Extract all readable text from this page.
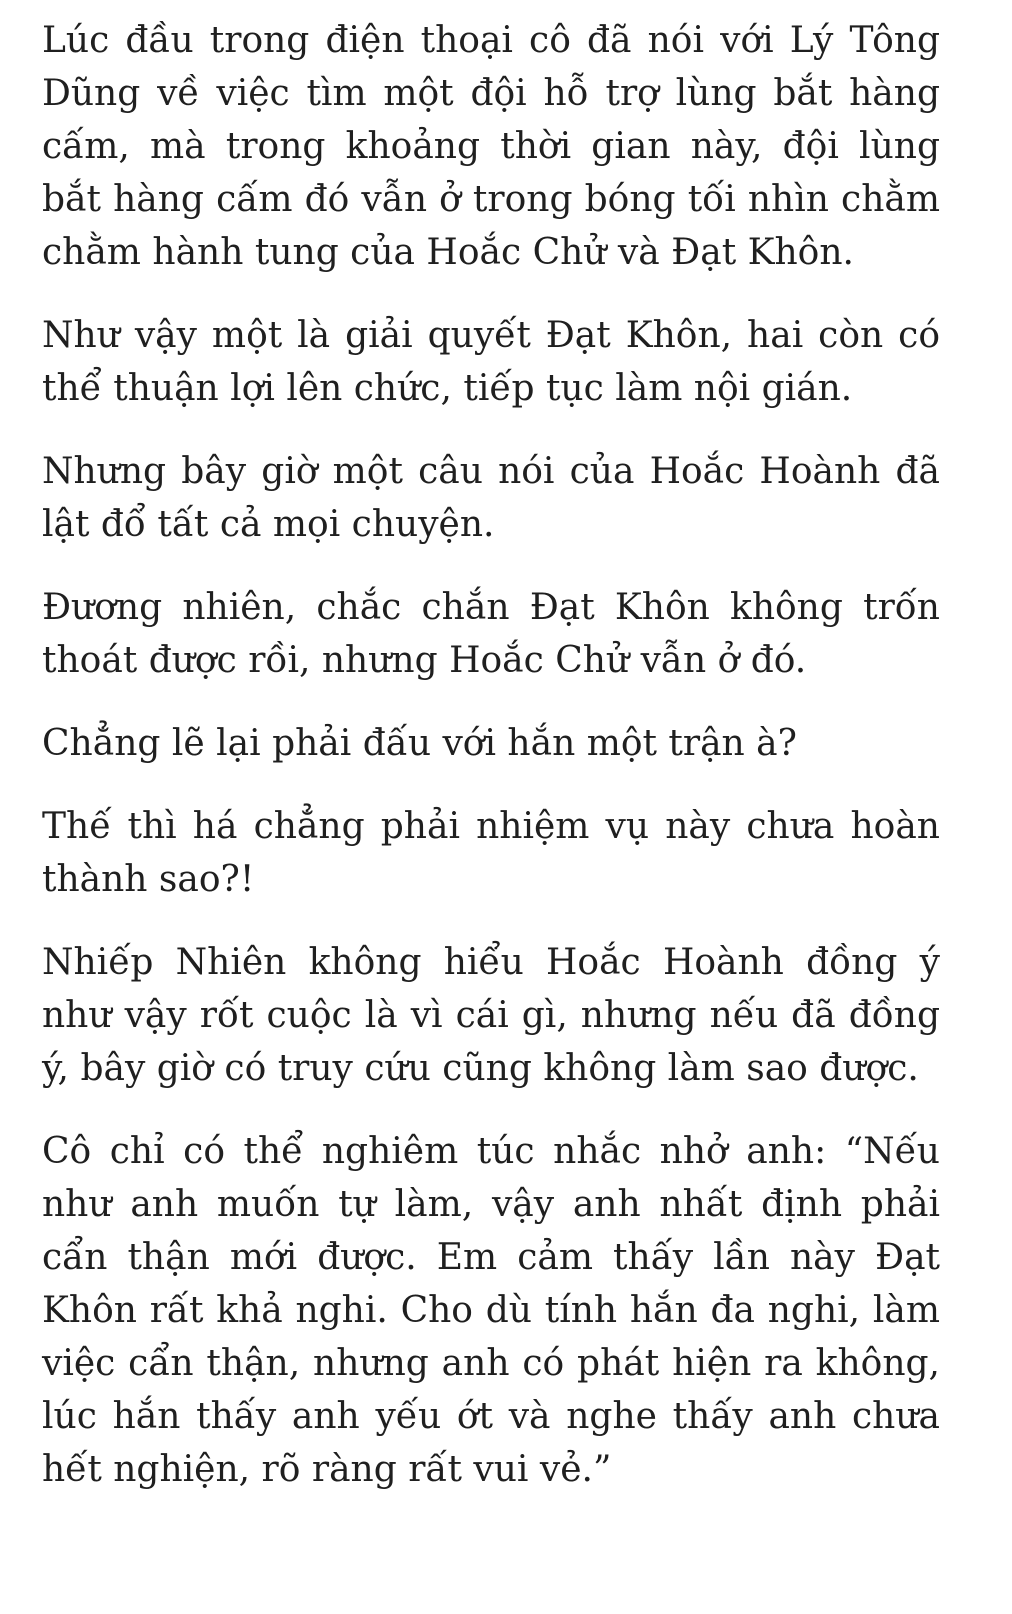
Lúc đầu trong điện thoại cô đã nói với Lý Tông Dũng về việc tìm một đội hỗ trợ lùng bắt hàng cấm, mà trong khoảng thời gian này, đội lùng bắt hàng cấm đó vẫn ở trong bóng tối nhìn chằm chằm hành tung của Hoắc Chử và Đạt Khôn.

Như vậy một là giải quyết Đạt Khôn, hai còn có thể thuận lợi lên chức, tiếp tục làm nội gián.

Nhưng bây giờ một câu nói của Hoắc Hoành đã lật đổ tất cả mọi chuyện.

Đương nhiên, chắc chắn Đạt Khôn không trốn thoát được rồi, nhưng Hoắc Chử vẫn ở đó.

Chẳng lẽ lại phải đấu với hắn một trận à?

Thế thì há chẳng phải nhiệm vụ này chưa hoàn thành sao?!

Nhiếp Nhiên không hiểu Hoắc Hoành đồng ý như vậy rốt cuộc là vì cái gì, nhưng nếu đã đồng ý, bây giờ có truy cứu cũng không làm sao được.

Cô chỉ có thể nghiêm túc nhắc nhở anh: “Nếu như anh muốn tự làm, vậy anh nhất định phải cẩn thận mới được. Em cảm thấy lần này Đạt Khôn rất khả nghi. Cho dù tính hắn đa nghi, làm việc cẩn thận, nhưng anh có phát hiện ra không, lúc hắn thấy anh yếu ớt và nghe thấy anh chưa hết nghiện, rõ ràng rất vui vẻ.”
